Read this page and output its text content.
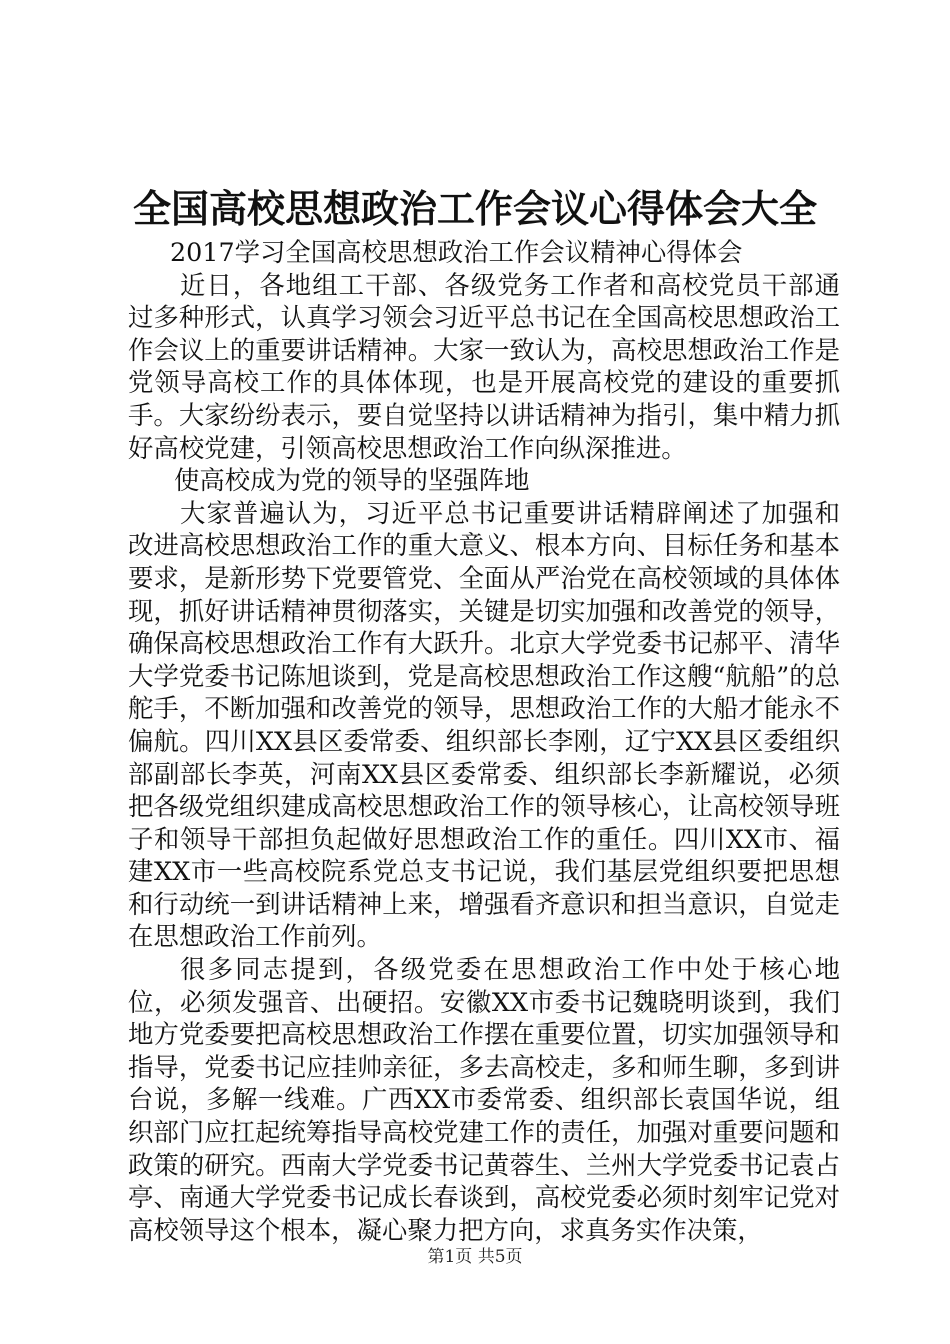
全国高校思想政治工作会议心得体会大全

2017学习全国高校思想政治工作会议精神心得体会

近日，各地组工干部、各级党务工作者和高校党员干部通过多种形式，认真学习领会习近平总书记在全国高校思想政治工作会议上的重要讲话精神。大家一致认为，高校思想政治工作是党领导高校工作的具体体现，也是开展高校党的建设的重要抓手。大家纷纷表示，要自觉坚持以讲话精神为指引，集中精力抓好高校党建，引领高校思想政治工作向纵深推进。

使高校成为党的领导的坚强阵地

大家普遍认为，习近平总书记重要讲话精辟阐述了加强和改进高校思想政治工作的重大意义、根本方向、目标任务和基本要求，是新形势下党要管党、全面从严治党在高校领域的具体体现，抓好讲话精神贯彻落实，关键是切实加强和改善党的领导，确保高校思想政治工作有大跃升。北京大学党委书记郝平、清华大学党委书记陈旭谈到，党是高校思想政治工作这艘“航船”的总舵手，不断加强和改善党的领导，思想政治工作的大船才能永不偏航。四川XX县区委常委、组织部长李刚，辽宁XX县区委组织部副部长李英，河南XX县区委常委、组织部长李新耀说，必须把各级党组织建成高校思想政治工作的领导核心，让高校领导班子和领导干部担负起做好思想政治工作的重任。四川XX市、福建XX市一些高校院系党总支书记说，我们基层党组织要把思想和行动统一到讲话精神上来，增强看齐意识和担当意识，自觉走在思想政治工作前列。

很多同志提到，各级党委在思想政治工作中处于核心地位，必须发强音、出硬招。安徽XX市委书记魏晓明谈到，我们地方党委要把高校思想政治工作摆在重要位置，切实加强领导和指导，党委书记应挂帅亲征，多去高校走，多和师生聊，多到讲台说，多解一线难。广西XX市委常委、组织部长袁国华说，组织部门应扛起统筹指导高校党建工作的责任，加强对重要问题和政策的研究。西南大学党委书记黄蓉生、兰州大学党委书记袁占亭、南通大学党委书记成长春谈到，高校党委必须时刻牢记党对高校领导这个根本，凝心聚力把方向，求真务实作决策，

第1页 共5页
